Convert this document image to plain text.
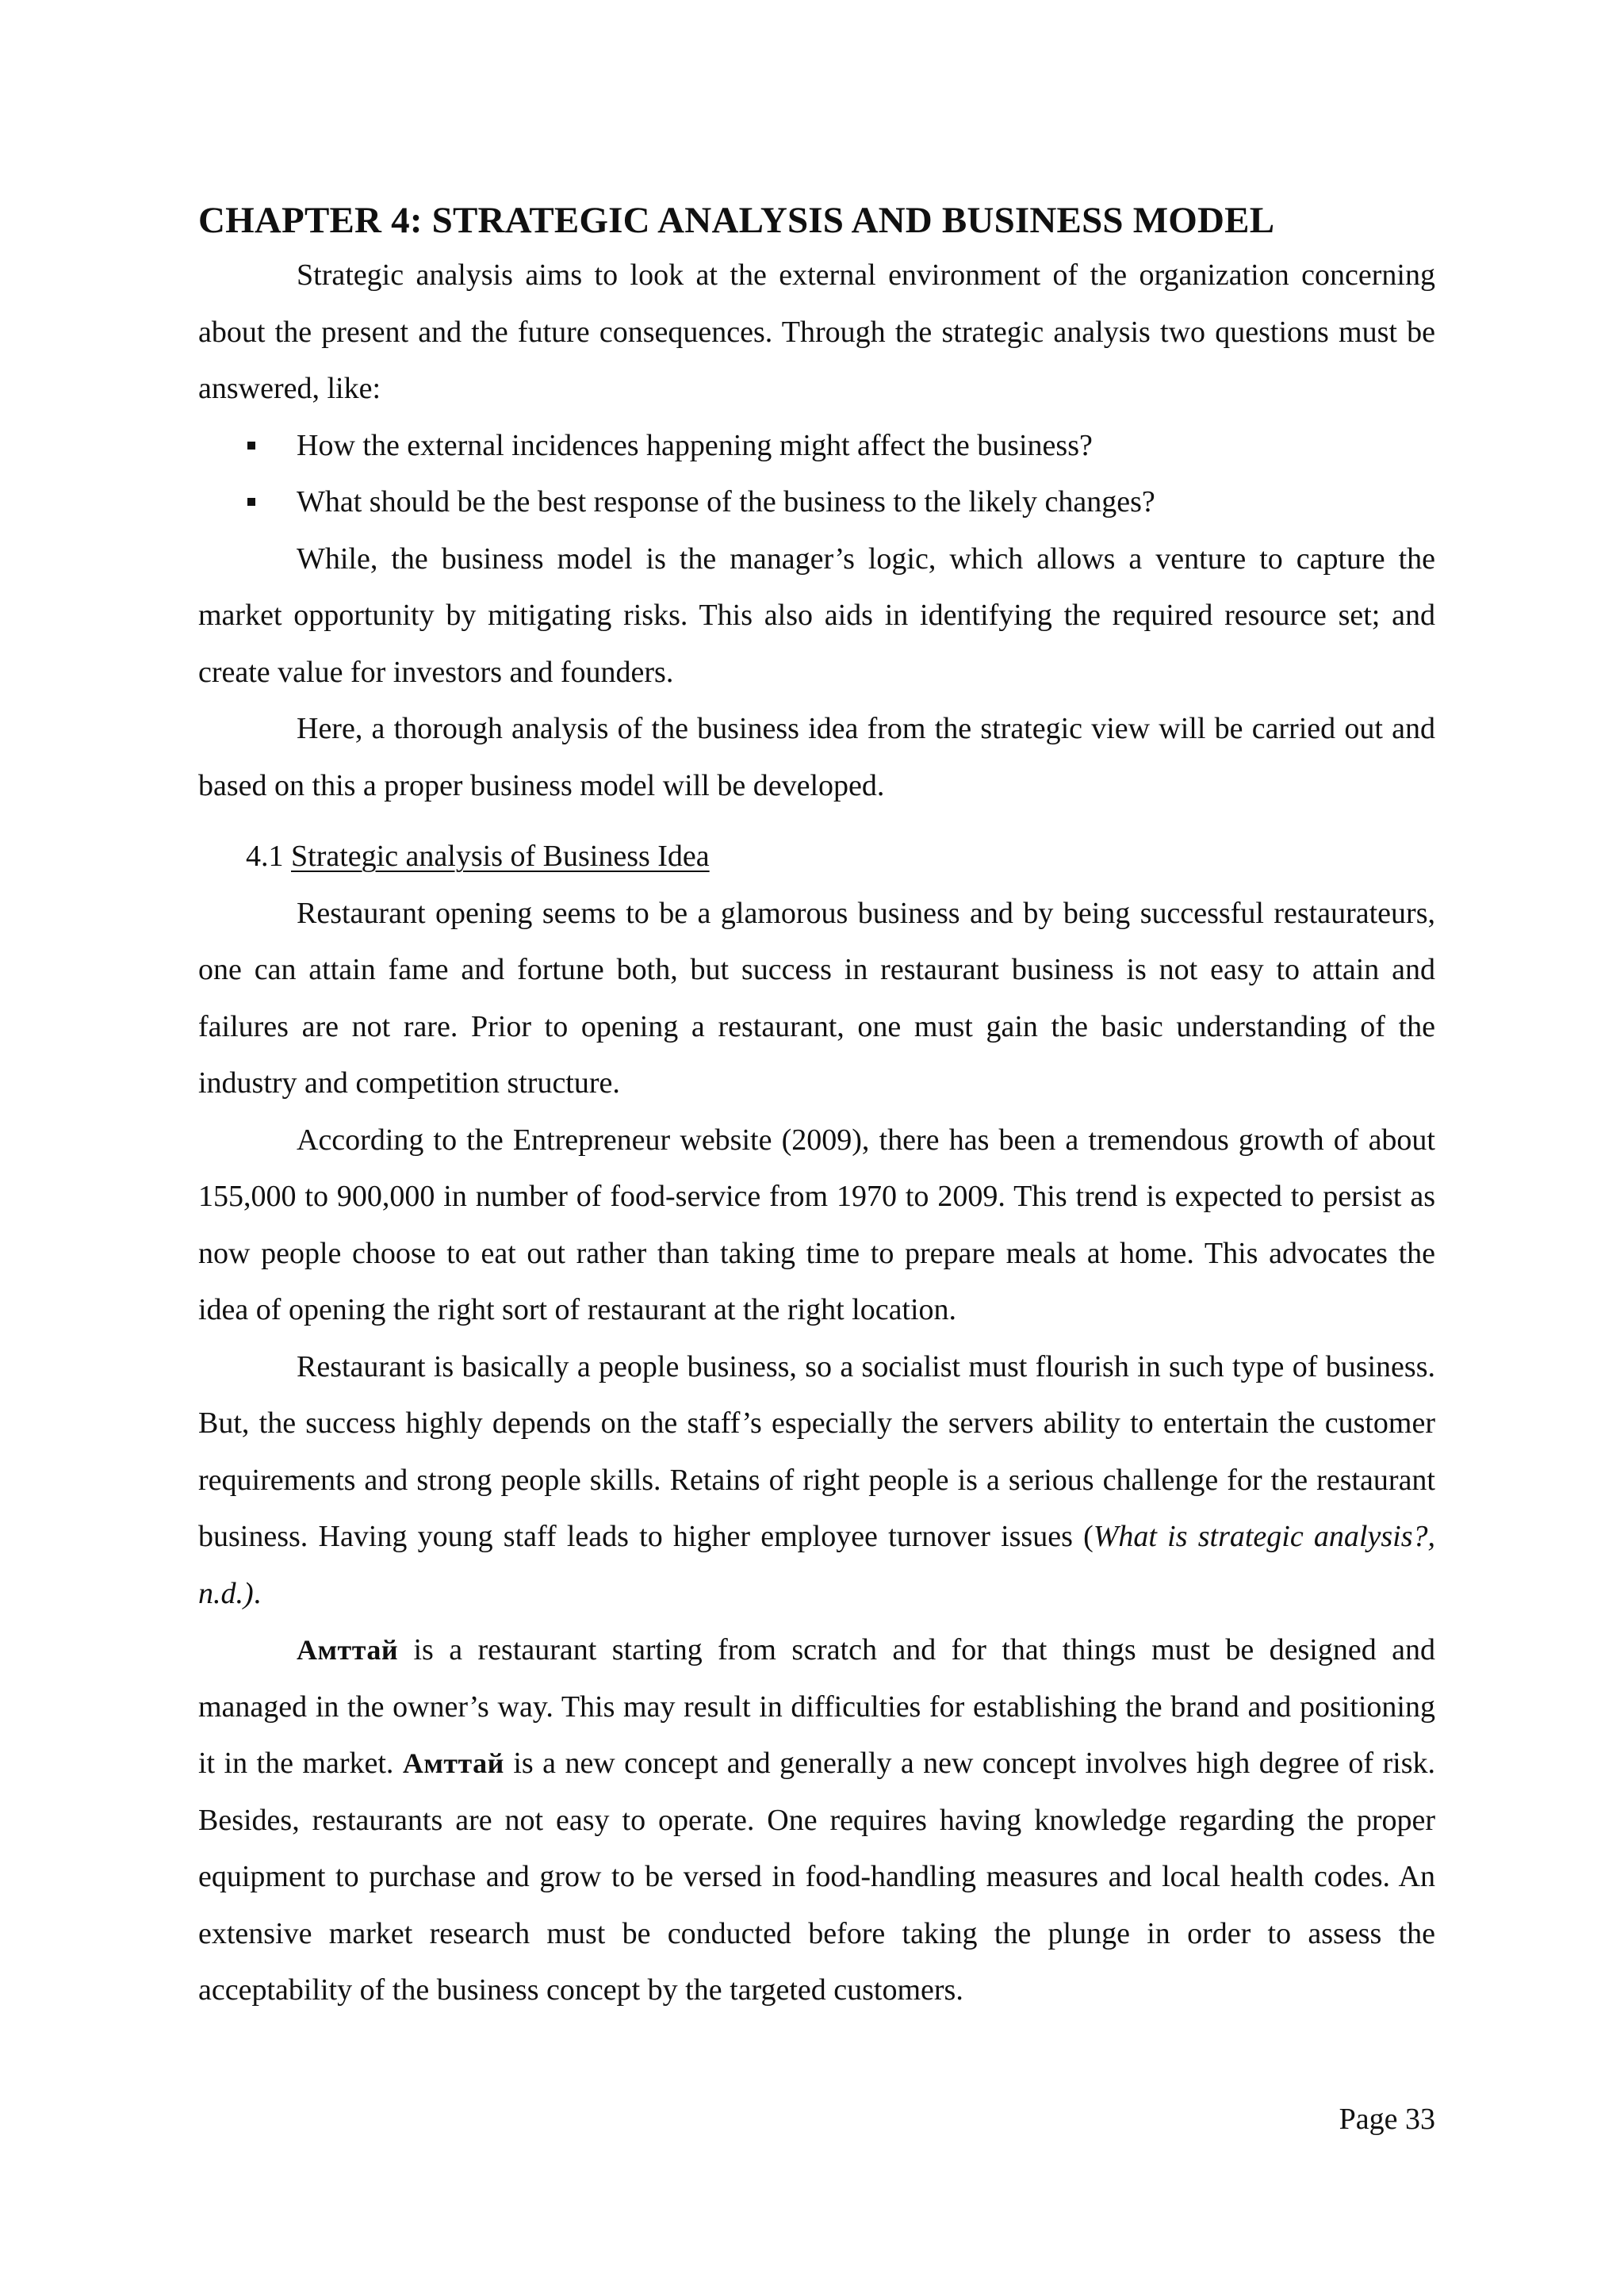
CHAPTER 4: STRATEGIC ANALYSIS AND BUSINESS MODEL

Strategic analysis aims to look at the external environment of the organization concerning about the present and the future consequences. Through the strategic analysis two questions must be answered, like:

How the external incidences happening might affect the business?
What should be the best response of the business to the likely changes?

While, the business model is the manager’s logic, which allows a venture to capture the market opportunity by mitigating risks. This also aids in identifying the required resource set; and create value for investors and founders.

Here, a thorough analysis of the business idea from the strategic view will be carried out and based on this a proper business model will be developed.

4.1 Strategic analysis of Business Idea

Restaurant opening seems to be a glamorous business and by being successful restaurateurs, one can attain fame and fortune both, but success in restaurant business is not easy to attain and failures are not rare. Prior to opening a restaurant, one must gain the basic understanding of the industry and competition structure.

According to the Entrepreneur website (2009), there has been a tremendous growth of about 155,000 to 900,000 in number of food-service from 1970 to 2009. This trend is expected to persist as now people choose to eat out rather than taking time to prepare meals at home. This advocates the idea of opening the right sort of restaurant at the right location.

Restaurant is basically a people business, so a socialist must flourish in such type of business. But, the success highly depends on the staff’s especially the servers ability to entertain the customer requirements and strong people skills. Retains of right people is a serious challenge for the restaurant business. Having young staff leads to higher employee turnover issues (What is strategic analysis?, n.d.).

Амттай is a restaurant starting from scratch and for that things must be designed and managed in the owner’s way. This may result in difficulties for establishing the brand and positioning it in the market. Амттай is a new concept and generally a new concept involves high degree of risk. Besides, restaurants are not easy to operate. One requires having knowledge regarding the proper equipment to purchase and grow to be versed in food-handling measures and local health codes. An extensive market research must be conducted before taking the plunge in order to assess the acceptability of the business concept by the targeted customers.

Page 33
